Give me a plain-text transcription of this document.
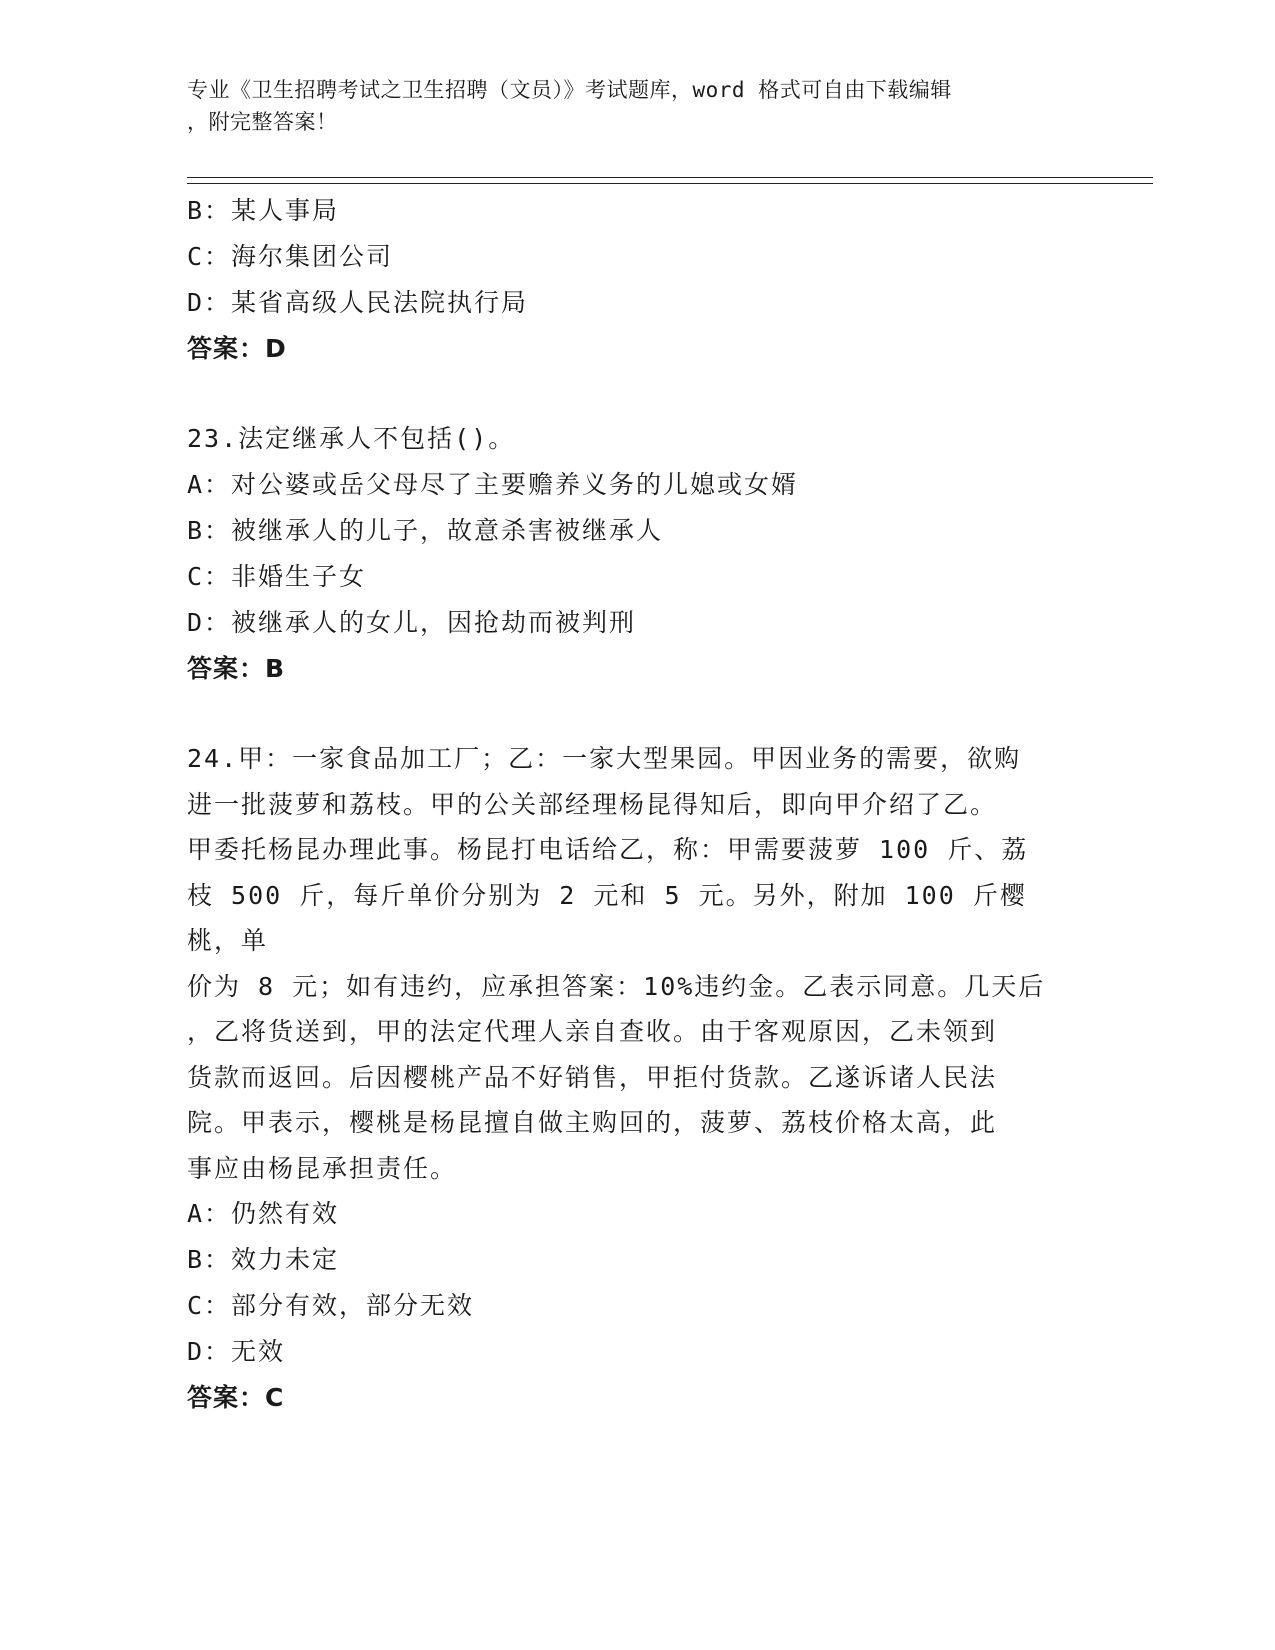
专业《卫生招聘考试之卫生招聘（文员）》考试题库，word 格式可自由下载编辑
，附完整答案！
B：某人事局
C：海尔集团公司
D：某省高级人民法院执行局
答案：D
23.法定继承人不包括()。
A：对公婆或岳父母尽了主要赡养义务的儿媳或女婿
B：被继承人的儿子，故意杀害被继承人
C：非婚生子女
D：被继承人的女儿，因抢劫而被判刑
答案：B
24.甲：一家食品加工厂；乙：一家大型果园。甲因业务的需要，欲购
进一批菠萝和荔枝。甲的公关部经理杨昆得知后，即向甲介绍了乙。
甲委托杨昆办理此事。杨昆打电话给乙，称：甲需要菠萝 100 斤、荔
枝 500 斤，每斤单价分别为 2 元和 5 元。另外，附加 100 斤樱桃，单
价为 8 元；如有违约，应承担答案：10%违约金。乙表示同意。几天后
，乙将货送到，甲的法定代理人亲自查收。由于客观原因，乙未领到
货款而返回。后因樱桃产品不好销售，甲拒付货款。乙遂诉诸人民法
院。甲表示，樱桃是杨昆擅自做主购回的，菠萝、荔枝价格太高，此
事应由杨昆承担责任。
A：仍然有效
B：效力未定
C：部分有效，部分无效
D：无效
答案：C
